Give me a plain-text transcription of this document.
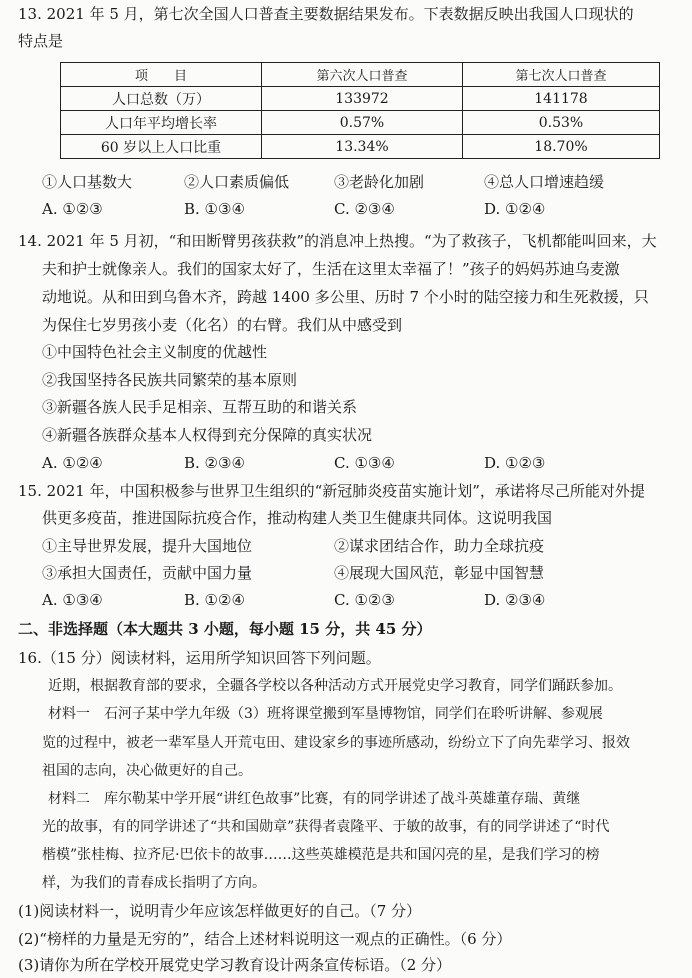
13. 2021 年 5 月，第七次全国人口普查主要数据结果发布。下表数据反映出我国人口现状的
特点是
项　　目	第六次人口普查	第七次人口普查
人口总数（万）	133972	141178
人口年平均增长率	0.57%	0.53%
60 岁以上人口比重	13.34%	18.70%
①人口基数大	②人口素质偏低	③老龄化加剧	④总人口增速趋缓
A. ①②③	B. ①③④	C. ②③④	D. ①②④
14. 2021 年 5 月初，“和田断臂男孩获救”的消息冲上热搜。“为了救孩子，飞机都能叫回来，大
夫和护士就像亲人。我们的国家太好了，生活在这里太幸福了！”孩子的妈妈苏迪乌麦激
动地说。从和田到乌鲁木齐，跨越 1400 多公里、历时 7 个小时的陆空接力和生死救援，只
为保住七岁男孩小麦（化名）的右臂。我们从中感受到
①中国特色社会主义制度的优越性
②我国坚持各民族共同繁荣的基本原则
③新疆各族人民手足相亲、互帮互助的和谐关系
④新疆各族群众基本人权得到充分保障的真实状况
A. ①②④	B. ②③④	C. ①③④	D. ①②③
15. 2021 年，中国积极参与世界卫生组织的“新冠肺炎疫苗实施计划”，承诺将尽己所能对外提
供更多疫苗，推进国际抗疫合作，推动构建人类卫生健康共同体。这说明我国
①主导世界发展，提升大国地位	②谋求团结合作，助力全球抗疫
③承担大国责任，贡献中国力量	④展现大国风范，彰显中国智慧
A. ①③④	B. ①②④	C. ①②③	D. ②③④
二、非选择题（本大题共 3 小题，每小题 15 分，共 45 分）
16.（15 分）阅读材料，运用所学知识回答下列问题。
近期，根据教育部的要求，全疆各学校以各种活动方式开展党史学习教育，同学们踊跃参加。
材料一　石河子某中学九年级（3）班将课堂搬到军垦博物馆，同学们在聆听讲解、参观展
览的过程中，被老一辈军垦人开荒屯田、建设家乡的事迹所感动，纷纷立下了向先辈学习、报效
祖国的志向，决心做更好的自己。
材料二　库尔勒某中学开展“讲红色故事”比赛，有的同学讲述了战斗英雄董存瑞、黄继
光的故事，有的同学讲述了“共和国勋章”获得者袁隆平、于敏的故事，有的同学讲述了“时代
楷模”张桂梅、拉齐尼·巴依卡的故事……这些英雄模范是共和国闪亮的星，是我们学习的榜
样，为我们的青春成长指明了方向。
(1)阅读材料一，说明青少年应该怎样做更好的自己。（7 分）
(2)“榜样的力量是无穷的”，结合上述材料说明这一观点的正确性。（6 分）
(3)请你为所在学校开展党史学习教育设计两条宣传标语。（2 分）
